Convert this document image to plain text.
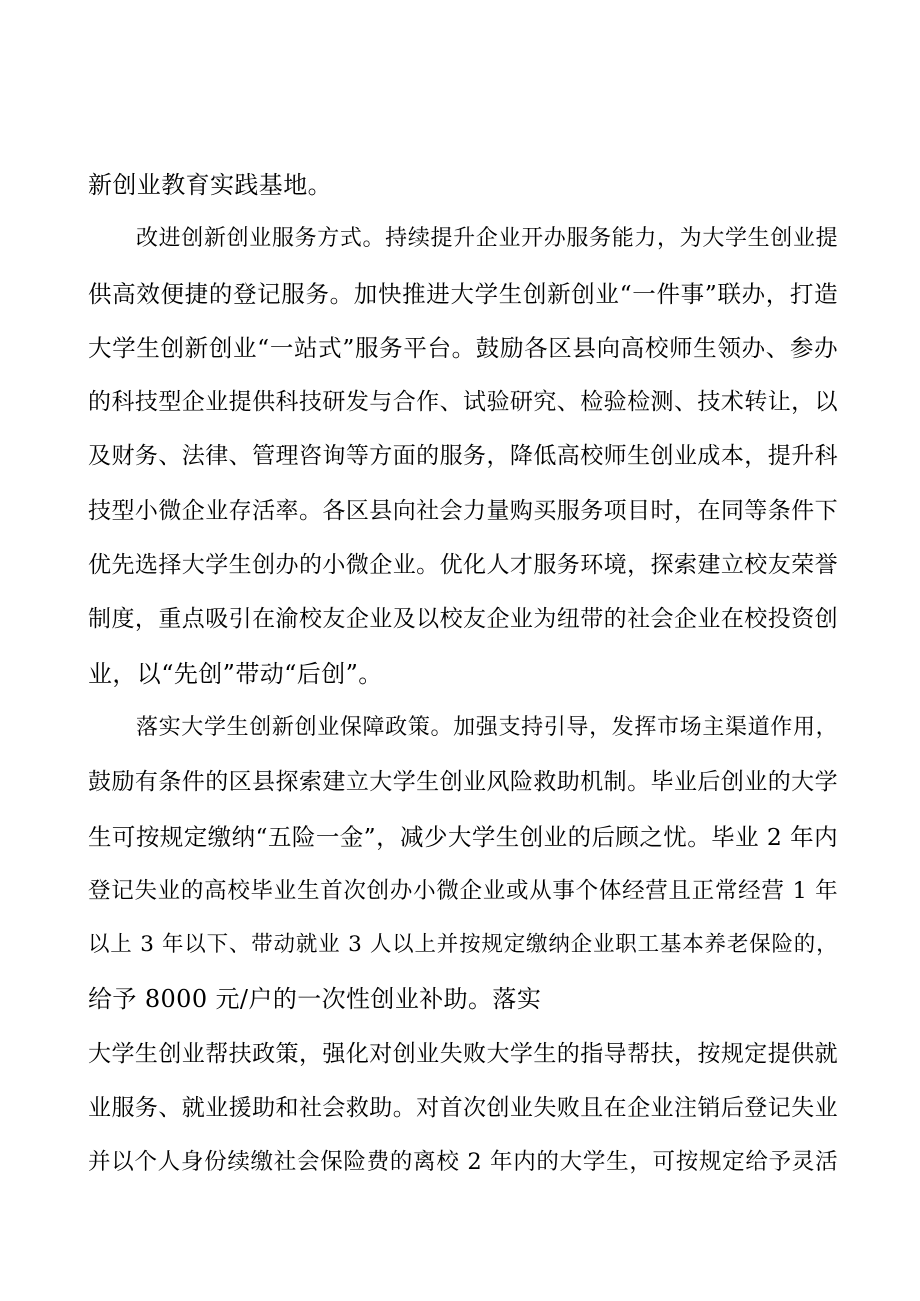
新创业教育实践基地。
改进创新创业服务方式。持续提升企业开办服务能力，为大学生创业提
供高效便捷的登记服务。加快推进大学生创新创业“一件事”联办，打造
大学生创新创业“一站式”服务平台。鼓励各区县向高校师生领办、参办
的科技型企业提供科技研发与合作、试验研究、检验检测、技术转让，以
及财务、法律、管理咨询等方面的服务，降低高校师生创业成本，提升科
技型小微企业存活率。各区县向社会力量购买服务项目时，在同等条件下
优先选择大学生创办的小微企业。优化人才服务环境，探索建立校友荣誉
制度，重点吸引在渝校友企业及以校友企业为纽带的社会企业在校投资创
业，以“先创”带动“后创”。
落实大学生创新创业保障政策。加强支持引导，发挥市场主渠道作用，
鼓励有条件的区县探索建立大学生创业风险救助机制。毕业后创业的大学
生可按规定缴纳“五险一金”，减少大学生创业的后顾之忧。毕业 2 年内
登记失业的高校毕业生首次创办小微企业或从事个体经营且正常经营 1 年
以上 3 年以下、带动就业 3 人以上并按规定缴纳企业职工基本养老保险的，
给予 8000 元/户的一次性创业补助。落实
大学生创业帮扶政策，强化对创业失败大学生的指导帮扶，按规定提供就
业服务、就业援助和社会救助。对首次创业失败且在企业注销后登记失业
并以个人身份续缴社会保险费的离校 2 年内的大学生，可按规定给予灵活
